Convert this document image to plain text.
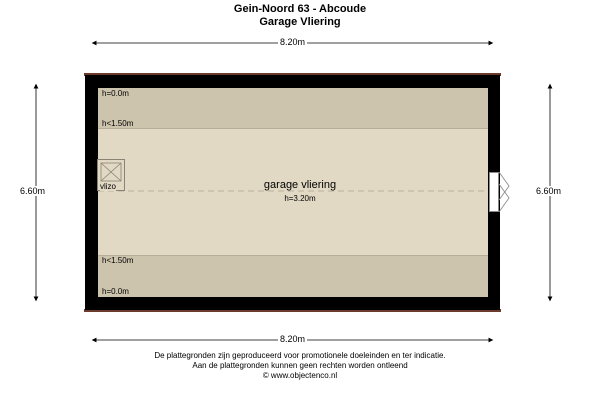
Gein-Noord 63 - Abcoude
Garage Vliering
8.20m
8.20m
6.60m	6.60m
h=0.0m
h<1.50m
h<1.50m
h=0.0m
vlizo	garage vliering
h=3.20m
De plattegronden zijn geproduceerd voor promotionele doeleinden en ter indicatie.
Aan de plattegronden kunnen geen rechten worden ontleend
© www.objectenco.nl
